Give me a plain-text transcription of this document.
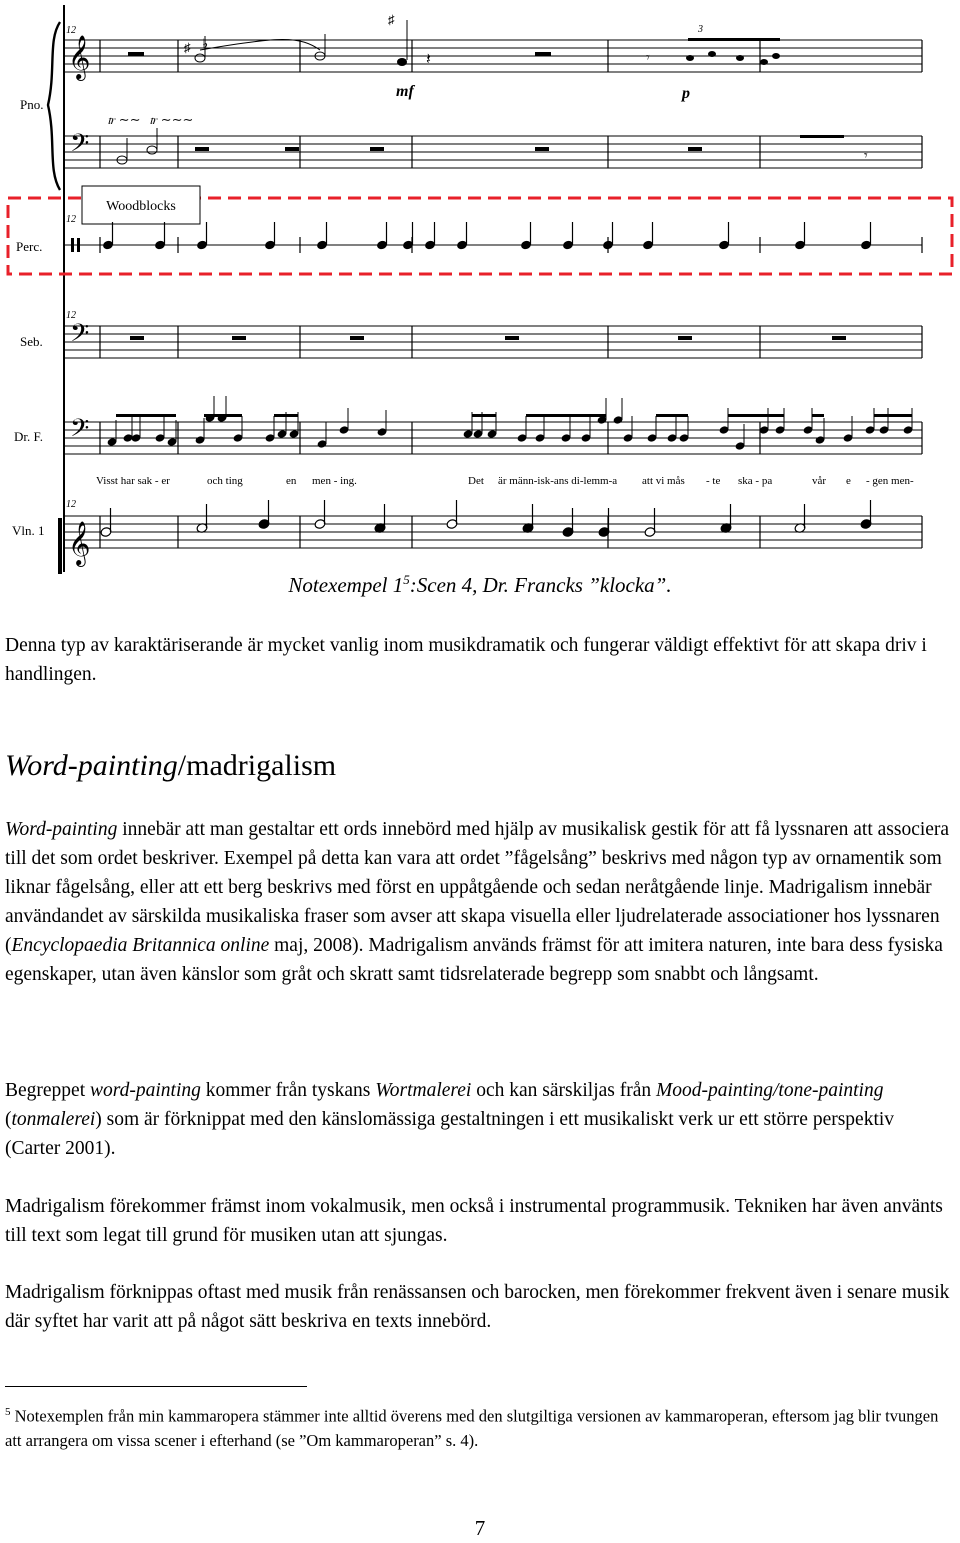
Pno.
Perc.
Seb.
Dr. F.
Vln. 1
12
12
12
12
𝄞
𝄢
𝄢
𝄢
𝄞
Woodblocks
mf	p
3
♯ ♭
♯
𝄽	𝄾
𝆖 ∼∼ 𝆖 ∼∼∼
𝄾
Visst har sak - er	och ting	en men - ing.	Det är männ-isk-ans di-lemm-a att vi mås - te ska - pa	vår e - gen men-
Notexempel $1^5:Scen$ 4, Dr. Francks ”klocka”.

Denna typ av karaktäriserande är mycket vanlig inom musikdramatik och fungerar väldigt effektivt för att skapa driv i handlingen.

Word-painting/madrigalism

Word-painting innebär att man gestaltar ett ords innebörd med hjälp av musikalisk gestik för att få lyssnaren att associera till det som ordet beskriver. Exempel på detta kan vara att ordet ”fågelsång” beskrivs med någon typ av ornamentik som liknar fågelsång, eller att ett berg beskrivs med först en uppåtgående och sedan neråtgående linje. Madrigalism innebär användandet av särskilda musikaliska fraser som avser att skapa visuella eller ljudrelaterade associationer hos lyssnaren (Encyclopaedia Britannica online maj, 2008). Madrigalism används främst för att imitera naturen, inte bara dess fysiska egenskaper, utan även känslor som gråt och skratt samt tidsrelaterade begrepp som snabbt och långsamt.

Begreppet word-painting kommer från tyskans Wortmalerei och kan särskiljas från Mood-painting/tone-painting (tonmalerei) som är förknippat med den känslomässiga gestaltningen i ett musikaliskt verk ur ett större perspektiv (Carter 2001).

Madrigalism förekommer främst inom vokalmusik, men också i instrumental programmusik. Tekniken har även använts till text som legat till grund för musiken utan att sjungas.

Madrigalism förknippas oftast med musik från renässansen och barocken, men förekommer frekvent även i senare musik där syftet har varit att på något sätt beskriva en texts innebörd.

$^5$ Notexemplen från min kammaropera stämmer inte alltid överens med den slutgiltiga versionen av kammaroperan, eftersom jag blir tvungen att arrangera om vissa scener i efterhand (se ”Om kammaroperan” s. 4).

7
